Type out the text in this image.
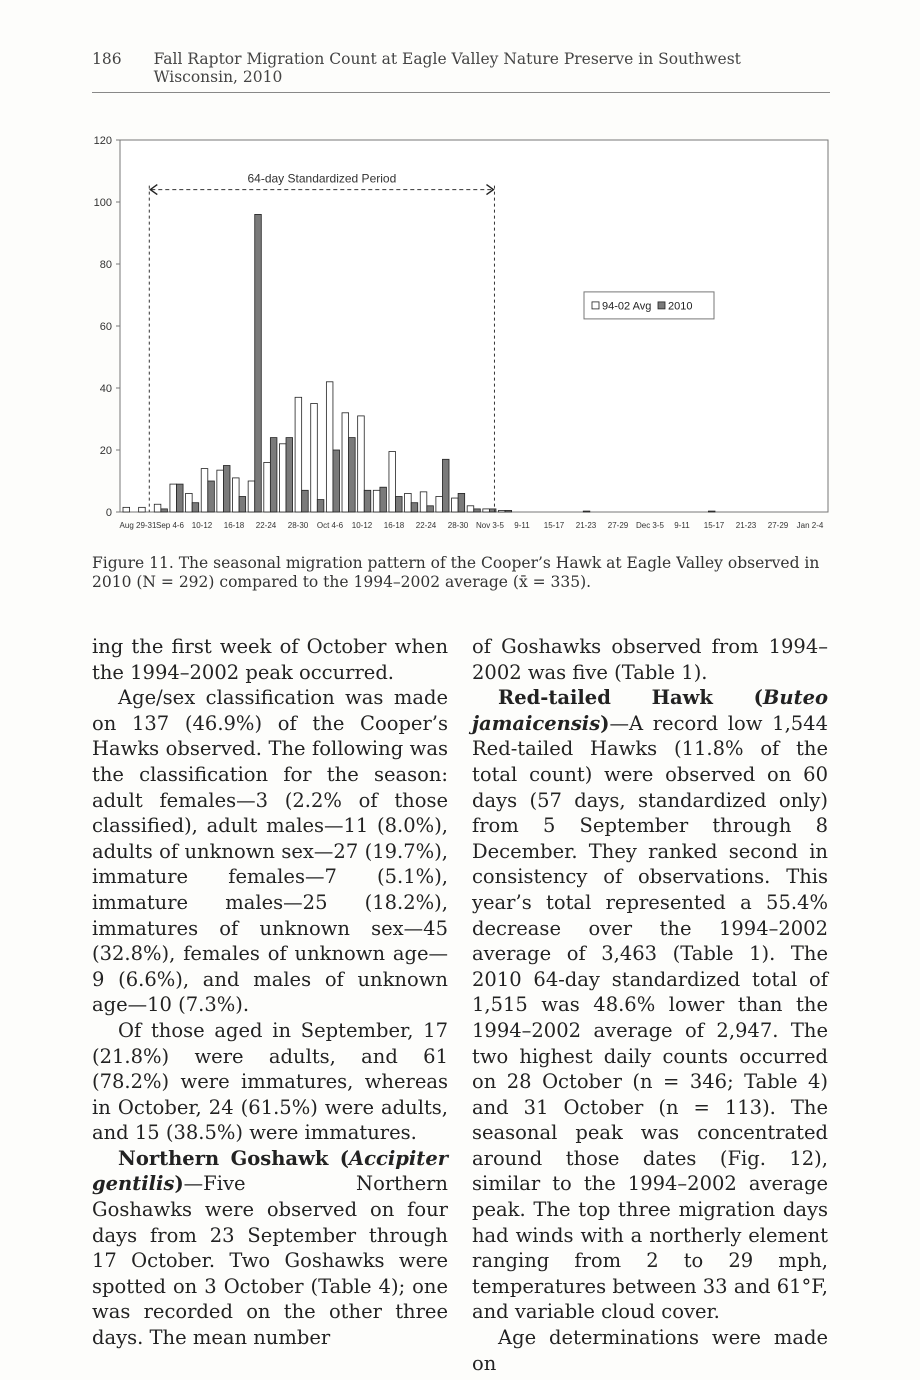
186 Fall Raptor Migration Count at Eagle Valley Nature Preserve in Southwest Wisconsin, 2010
0
20
40
60
80
100
120
Aug 29-31 Sep 4-6 10-12 16-18 22-24 28-30 Oct 4-6 10-12 16-18 22-24 28-30 Nov 3-5 9-11 15-17 21-23 27-29 Dec 3-5 9-11 15-17 21-23 27-29 Jan 2-4
64-day Standardized Period
94-02 Avg 2010
Figure 11. The seasonal migration pattern of the Cooper’s Hawk at Eagle Valley observed in 2010 (N = 292) compared to the 1994–2002 average (x̄ = 335).

ing the first week of October when the 1994–2002 peak occurred.

Age/sex classification was made on 137 (46.9%) of the Cooper’s Hawks observed. The following was the classification for the season: adult females—3 (2.2% of those classified), adult males—11 (8.0%), adults of unknown sex—27 (19.7%), immature females—7 (5.1%), immature males—25 (18.2%), immatures of unknown sex—45 (32.8%), females of unknown age—9 (6.6%), and males of unknown age—10 (7.3%).

Of those aged in September, 17 (21.8%) were adults, and 61 (78.2%) were immatures, whereas in October, 24 (61.5%) were adults, and 15 (38.5%) were immatures.

Northern Goshawk (Accipiter gentilis)—Five Northern Goshawks were observed on four days from 23 September through 17 October. Two Goshawks were spotted on 3 October (Table 4); one was recorded on the other three days. The mean number

of Goshawks observed from 1994–2002 was five (Table 1).

Red-tailed Hawk (Buteo jamaicensis)—A record low 1,544 Red-tailed Hawks (11.8% of the total count) were observed on 60 days (57 days, standardized only) from 5 September through 8 December. They ranked second in consistency of observations. This year’s total represented a 55.4% decrease over the 1994–2002 average of 3,463 (Table 1). The 2010 64-day standardized total of 1,515 was 48.6% lower than the 1994–2002 average of 2,947. The two highest daily counts occurred on 28 October (n = 346; Table 4) and 31 October (n = 113). The seasonal peak was concentrated around those dates (Fig. 12), similar to the 1994–2002 average peak. The top three migration days had winds with a northerly element ranging from 2 to 29 mph, temperatures between 33 and 61°F, and variable cloud cover.

Age determinations were made on
